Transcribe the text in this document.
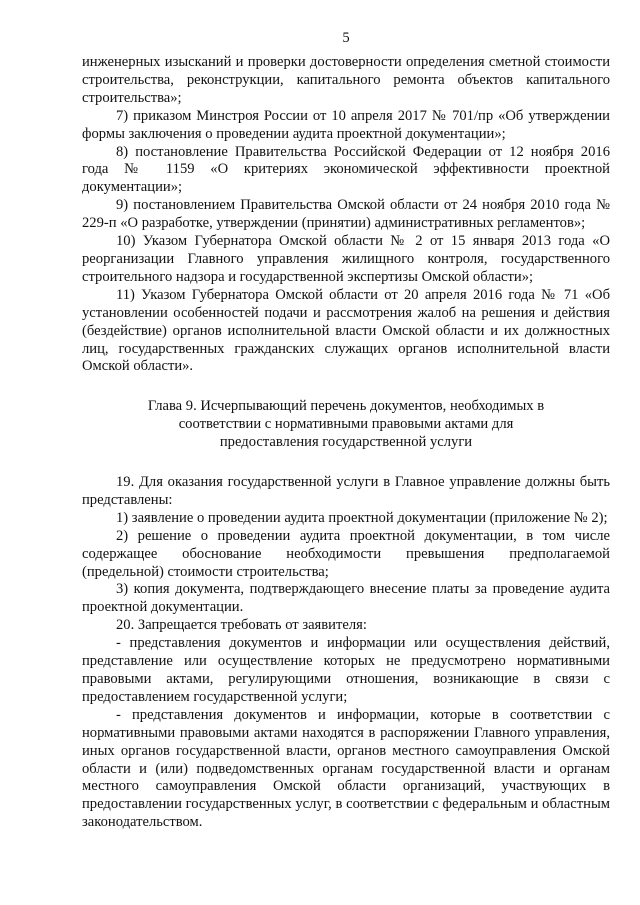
5

инженерных изысканий и проверки достоверности определения сметной стоимости строительства, реконструкции, капитального ремонта объектов капитального строительства»;

7) приказом Минстроя России от 10 апреля 2017 № 701/пр «Об утверждении формы заключения о проведении аудита проектной документации»;

8) постановление Правительства Российской Федерации от 12 ноября 2016 года № 1159 «О критериях экономической эффективности проектной документации»;

9) постановлением Правительства Омской области от 24 ноября 2010 года № 229-п «О разработке, утверждении (принятии) административных регламентов»;

10) Указом Губернатора Омской области № 2 от 15 января 2013 года «О реорганизации Главного управления жилищного контроля, государственного строительного надзора и государственной экспертизы Омской области»;

11) Указом Губернатора Омской области от 20 апреля 2016 года № 71 «Об установлении особенностей подачи и рассмотрения жалоб на решения и действия (бездействие) органов исполнительной власти Омской области и их должностных лиц, государственных гражданских служащих органов исполнительной власти Омской области».

Глава 9. Исчерпывающий перечень документов, необходимых в
соответствии с нормативными правовыми актами для
предоставления государственной услуги

19. Для оказания государственной услуги в Главное управление должны быть представлены:

1) заявление о проведении аудита проектной документации (приложение № 2);

2) решение о проведении аудита проектной документации, в том числе содержащее обоснование необходимости превышения предполагаемой (предельной) стоимости строительства;

3) копия документа, подтверждающего внесение платы за проведение аудита проектной документации.

20. Запрещается требовать от заявителя:

- представления документов и информации или осуществления действий, представление или осуществление которых не предусмотрено нормативными правовыми актами, регулирующими отношения, возникающие в связи с предоставлением государственной услуги;

- представления документов и информации, которые в соответствии с нормативными правовыми актами находятся в распоряжении Главного управления, иных органов государственной власти, органов местного самоуправления Омской области и (или) подведомственных органам государственной власти и органам местного самоуправления Омской области организаций, участвующих в предоставлении государственных услуг, в соответствии с федеральным и областным законодательством.
